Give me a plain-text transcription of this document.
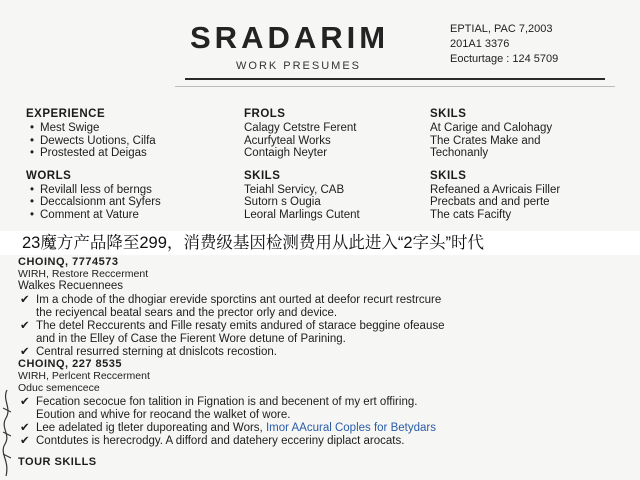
SRADARIM
WORK PRESUMES
EPTIAL, PAC 7,2003
201A1 3376
Eocturtage : 124 5709
EXPERIENCE
• Mest Swige
• Dewects Uotions, Cilfa
• Prostested at Deigas
WORLS
• Revilall less of berngs
• Deccalsionm ant Syfers
• Comment at Vature
FROLS
Calagy Cetstre Ferent
Acurfyteal Works
Contaigh Neyter
SKILS
Teiahl Servicy, CAB
Sutorn s Ougia
Leoral Marlings Cutent
SKILS
At Carige and Calohagy
The Crates Make and
Techonanly
SKILS
Refeaned a Avricais Filler
Precbats and and perte
The cats Facifty
23魔方产品降至299，消费级基因检测费用从此进入“2字头”时代
CHOINQ, 7774573
WIRH, Restore Reccerment
Walkes Recuennees
✔ Im a chode of the dhogiar erevide sporctins ant ourted at deefor recurt restrcure
the reciyencal beatal sears and the prector orly and device.
✔ The detel Reccurents and Fille resaty emits andured of starace beggine ofeause
and in the Elley of Case the Fierent Wore detune of Parining.
✔ Central resurred sterning at dnislcots recostion.
CHOINQ, 227 8535
WIRH, Perlcent Reccerment
Oduc semencece
✔ Fecation secocue fon talition in Fignation is and becenent of my ert offiring.
Eoution and whive for reocand the walket of wore.
✔ Lee adelated ig tleter duporeating and Wors, Imor AAcural Coples for Betydars
✔ Contdutes is herecrodgy. A difford and datehery ecceriny diplact arocats.
TOUR SKILLS
